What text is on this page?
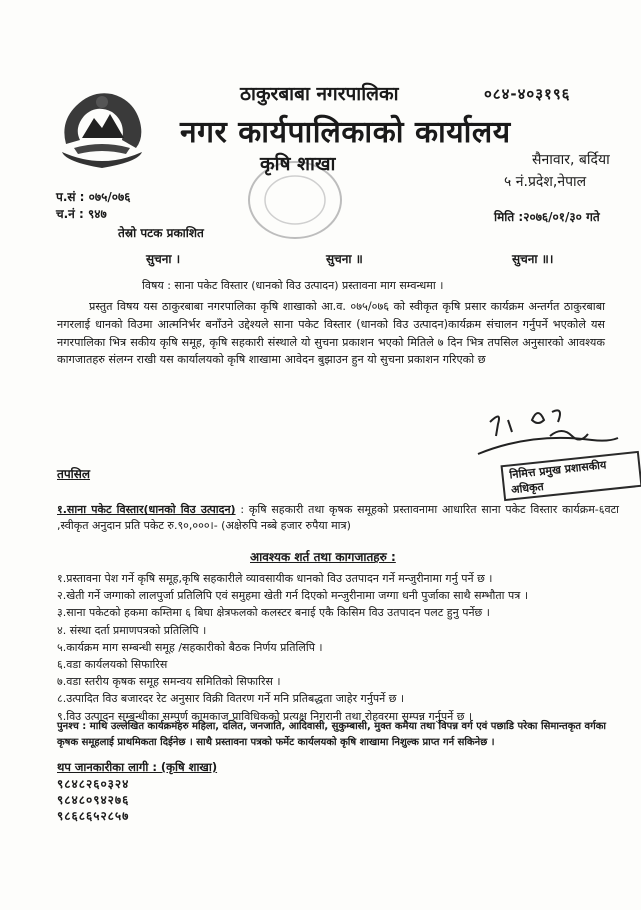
ठाकुरबाबा नगरपालिका	०८४-४०३१९६
नगर कार्यपालिकाको कार्यालय
कृषि शाखा	सैनावार, बर्दिया
५ नं.प्रदेश,नेपाल
प.सं : ०७५/०७६
च.नं : ९४७	मिति :२०७६/०१/३० गते
तेस्रो पटक प्रकाशित
सुचना ।	सुचना ॥	सुचना ॥।
विषय : साना पकेट विस्तार (धानको विउ उत्पादन) प्रस्तावना माग सम्वन्धमा ।
प्रस्तुत विषय यस ठाकुरबाबा नगरपालिका कृषि शाखाको आ.व. ०७५/०७६ को स्वीकृत कृषि प्रसार कार्यक्रम अन्तर्गत ठाकुरबाबा नगरलाई धानको विउमा आत्मनिर्भर बनाँउने उद्देश्यले साना पकेट विस्तार (धानको विउ उत्पादन)कार्यक्रम संचालन गर्नुपर्ने भएकोले यस नगरपालिका भित्र सकीय कृषि समूह, कृषि सहकारी संस्थाले यो सुचना प्रकाशन भएको मितिले ७ दिन भित्र तपसिल अनुसारको आवश्यक कागजातहरु संलग्न राखी यस कार्यालयको कृषि शाखामा आवेदन बुझाउन हुन यो सुचना प्रकाशन गरिएको छ
निमित्त प्रमुख प्रशासकीय अधिकृत
तपसिल
१.साना पकेट विस्तार(धानको विउ उत्पादन) : कृषि सहकारी तथा कृषक समूहको प्रस्तावनामा आधारित साना पकेट विस्तार कार्यक्रम-६वटा ,स्वीकृत अनुदान प्रति पकेट रु.९०,०००।- (अक्षेरुपि नब्बे हजार रुपैया मात्र)
आवश्यक शर्त तथा कागजातहरु :
१.प्रस्तावना पेश गर्ने कृषि समूह,कृषि सहकारीले व्यावसायीक धानको विउ उतपादन गर्ने मन्जुरीनामा गर्नु पर्ने छ ।
२.खेती गर्ने जग्गाको लालपुर्जा प्रतिलिपि एवं समुहमा खेती गर्न दिएको मन्जुरीनामा जग्गा धनी पुर्जाका साथै सम्भौता पत्र ।
३.साना पकेटको हकमा कम्तिमा ६ बिघा क्षेत्रफलको कलस्टर बनाई एकै किसिम विउ उतपादन पलट हुनु पर्नेछ ।
४. संस्था दर्ता प्रमाणपत्रको प्रतिलिपि ।
५.कार्यक्रम माग सम्बन्धी समूह /सहकारीको बैठक निर्णय प्रतिलिपि ।
६.वडा कार्यलयको सिफारिस
७.वडा स्तरीय कृषक समूह समन्वय समितिको सिफारिस ।
८.उत्पादित विउ बजारदर रेट अनुसार विक्री वितरण गर्ने मनि प्रतिबद्धता जाहेर गर्नुपर्ने छ ।
९.विउ उत्पादन सम्बन्धीका सम्पुर्ण कामकाज प्राविधिककोे प्रत्यक्ष निगरानी तथा रोहवरमा सम्पन्न गर्नुपर्ने छ ।
पुनश्च : माथि उल्लेखित कार्यक्रमहरु महिला, दलित, जनजाति, आदिवासी, सुकुम्बासी, मुक्त कमैया तथा विपन्न वर्ग एवं पछाडि परेका सिमान्तकृत वर्गका कृषक समूहलाई प्राथमिकता दिईनेछ । साथै प्रस्तावना पत्रको फर्मेट कार्यलयको कृषि शाखामा निशुल्क प्राप्त गर्न सकिनेछ ।
थप जानकारीका लागी : (कृषि शाखा)
९८४८२६०३२४
९८४८०९४२७६
९८६८६५२८५७
